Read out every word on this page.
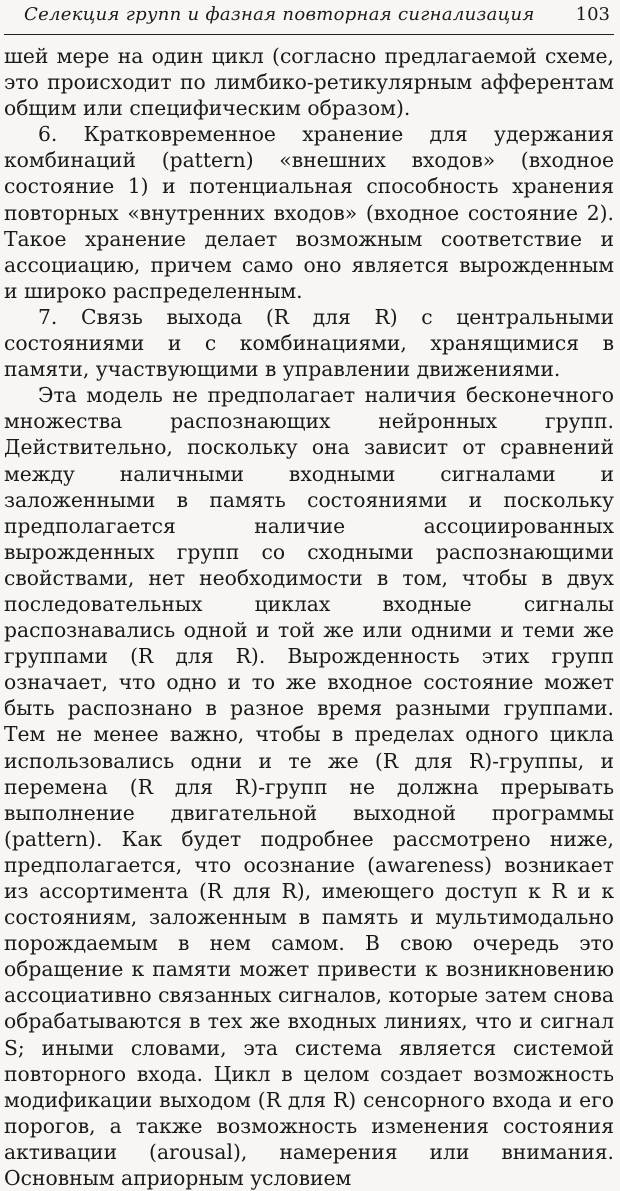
Селекция групп и фазная повторная сигнализация 103

шей мере на один цикл (согласно предлагаемой схеме, это происходит по лимбико-ретикулярным афферентам общим или специфическим образом).

6. Кратковременное хранение для удержания комбинаций (pattern) «внешних входов» (входное состояние 1) и потенциальная способность хранения повторных «внутренних входов» (входное состояние 2). Такое хранение делает возможным соответствие и ассоциацию, причем само оно является вырожденным и широко распределенным.

7. Связь выхода (R для R) с центральными состояниями и с комбинациями, хранящимися в памяти, участвующими в управлении движениями.

Эта модель не предполагает наличия бесконечного множества распознающих нейронных групп. Действительно, поскольку она зависит от сравнений между наличными входными сигналами и заложенными в память состояниями и поскольку предполагается наличие ассоциированных вырожденных групп со сходными распознающими свойствами, нет необходимости в том, чтобы в двух последовательных циклах входные сигналы распознавались одной и той же или одними и теми же группами (R для R). Вырожденность этих групп означает, что одно и то же входное состояние может быть распознано в разное время разными группами. Тем не менее важно, чтобы в пределах одного цикла использовались одни и те же (R для R)-группы, и перемена (R для R)-групп не должна прерывать выполнение двигательной выходной программы (pattern). Как будет подробнее рассмотрено ниже, предполагается, что осознание (awareness) возникает из ассортимента (R для R), имеющего доступ к R и к состояниям, заложенным в память и мультимодально порождаемым в нем самом. В свою очередь это обращение к памяти может привести к возникновению ассоциативно связанных сигналов, которые затем снова обрабатываются в тех же входных линиях, что и сигнал S; иными словами, эта система является системой повторного входа. Цикл в целом создает возможность модификации выходом (R для R) сенсорного входа и его порогов, а также возможность изменения состояния активации (arousal), намерения или внимания. Основным априорным условием
